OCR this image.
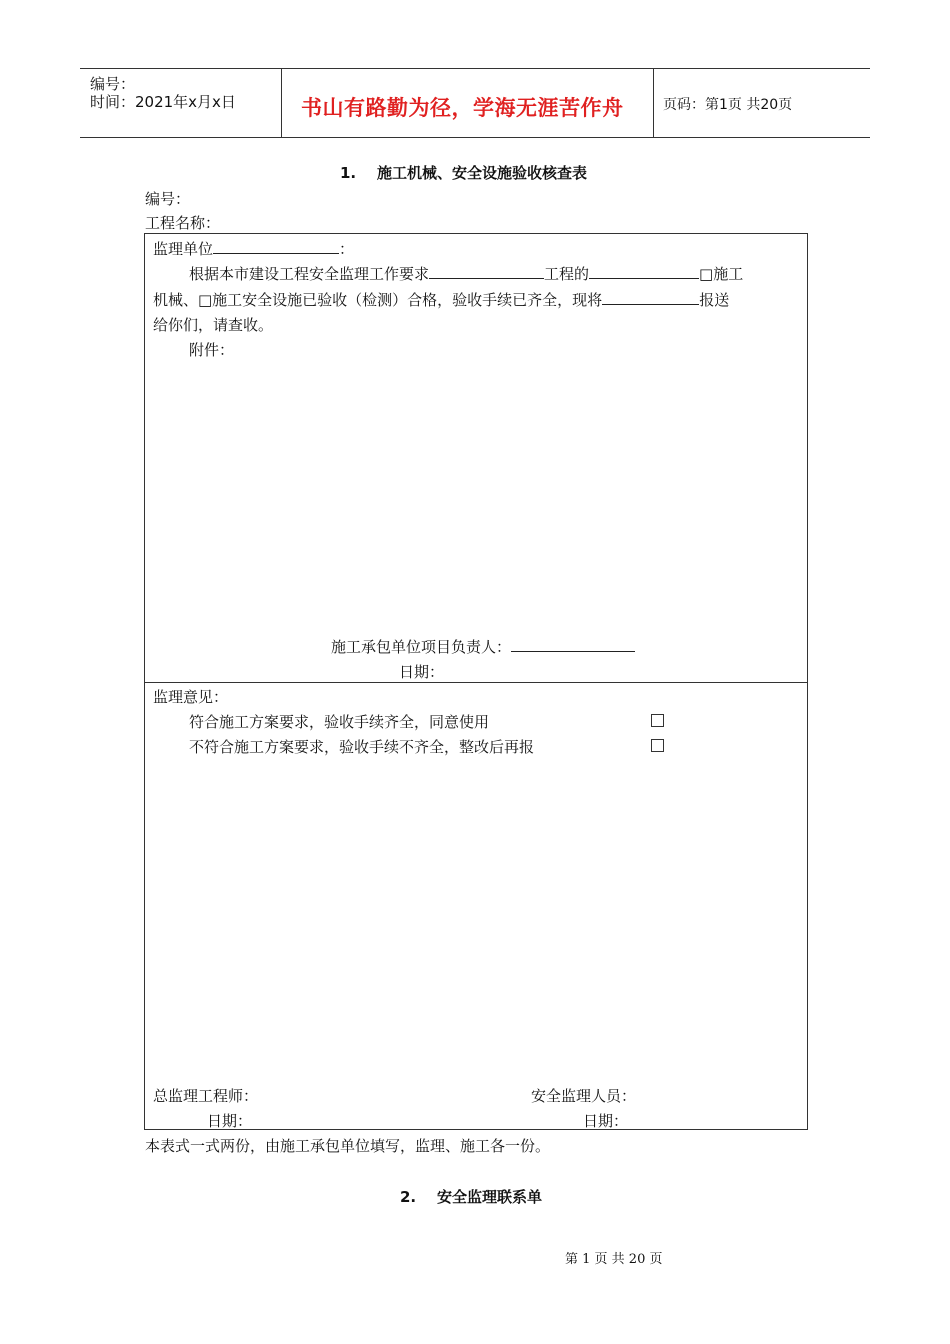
编号：
时间：2021年x月x日	书山有路勤为径，学海无涯苦作舟	页码：第1页 共20页
1.    施工机械、安全设施验收核查表
编号：
工程名称：
监理单位	：
根据本市建设工程安全监理工作要求	工程的	□施工
机械、□施工安全设施已验收（检测）合格，验收手续已齐全，现将	报送
给你们，请查收。
附件：
施工承包单位项目负责人：
日期：
监理意见：
符合施工方案要求，验收手续齐全，同意使用
不符合施工方案要求，验收手续不齐全，整改后再报
总监理工程师：	安全监理人员：
日期：	日期：
本表式一式两份，由施工承包单位填写，监理、施工各一份。
2.    安全监理联系单
第 1 页 共 20 页
